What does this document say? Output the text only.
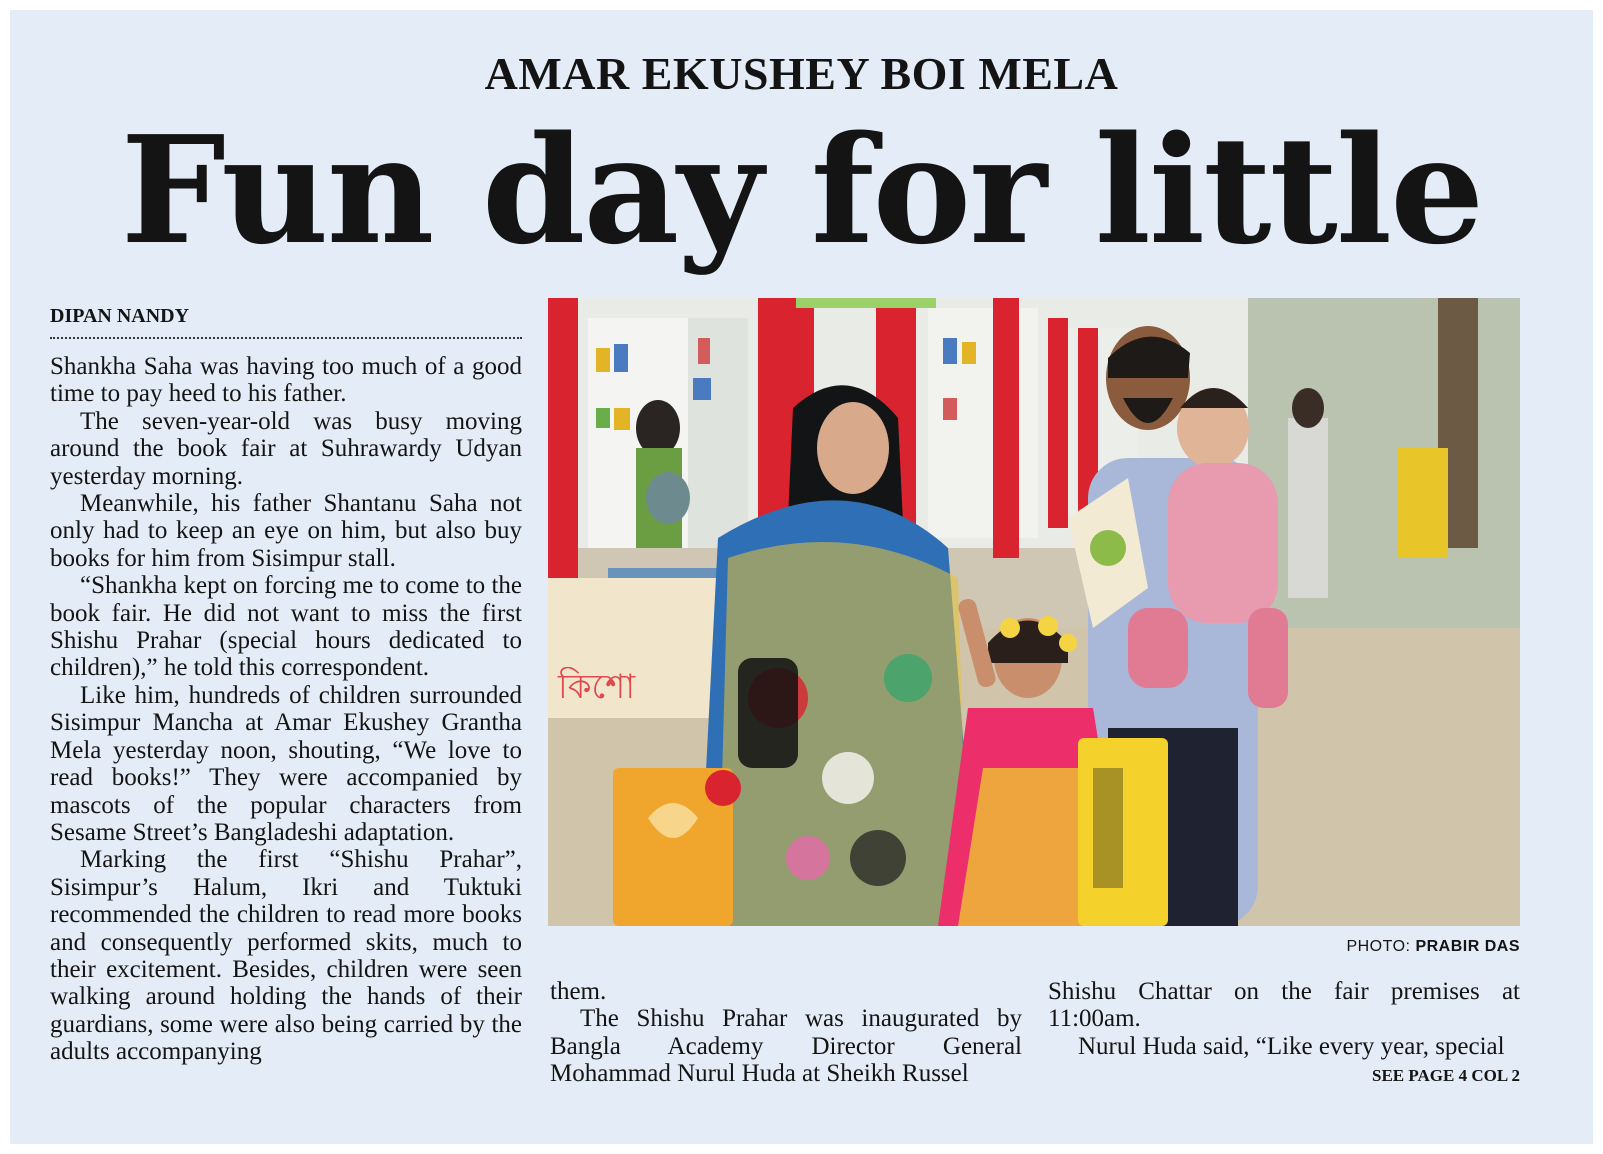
AMAR EKUSHEY BOI MELA
Fun day for little
DIPAN NANDY

Shankha Saha was having too much of a good time to pay heed to his father.

The seven-year-old was busy moving around the book fair at Suhrawardy Udyan yesterday morning.

Meanwhile, his father Shantanu Saha not only had to keep an eye on him, but also buy books for him from Sisimpur stall.

“Shankha kept on forcing me to come to the book fair. He did not want to miss the first Shishu Prahar (special hours dedicated to children),” he told this correspondent.

Like him, hundreds of children surrounded Sisimpur Mancha at Amar Ekushey Grantha Mela yesterday noon, shouting, “We love to read books!” They were accompanied by mascots of the popular characters from Sesame Street’s Bangladeshi adaptation.

Marking the first “Shishu Prahar”, Sisimpur’s Halum, Ikri and Tuktuki recommended the children to read more books and consequently performed skits, much to their excitement. Besides, children were seen walking around holding the hands of their guardians, some were also being carried by the adults accompanying

কিশো
PHOTO: PRABIR DAS

them.

The Shishu Prahar was inaugurated by Bangla Academy Director General Mohammad Nurul Huda at Sheikh Russel

Shishu Chattar on the fair premises at 11:00am.

Nurul Huda said, “Like every year, special

SEE PAGE 4 COL 2
